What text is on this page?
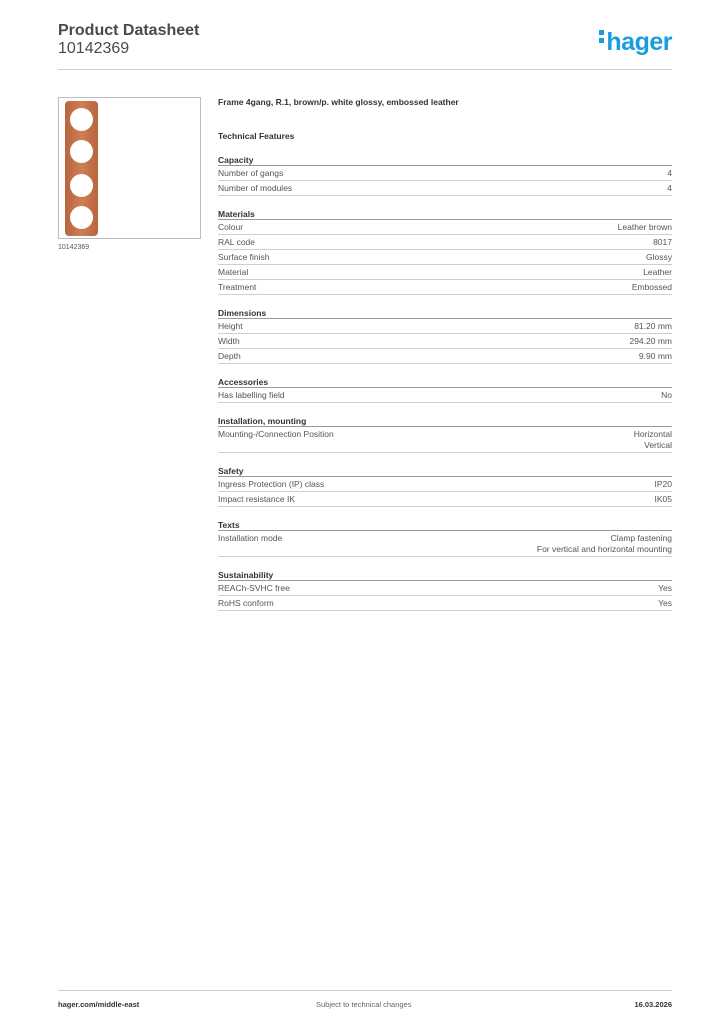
Product Datasheet
10142369	hager
10142369
Frame 4gang, R.1, brown/p. white glossy, embossed leather
Technical Features
Capacity
Number of gangs	4
Number of modules	4
Materials
Colour	Leather brown
RAL code	8017
Surface finish	Glossy
Material	Leather
Treatment	Embossed
Dimensions
Height	81.20 mm
Width	294.20 mm
Depth	9.90 mm
Accessories
Has labelling field	No
Installation, mounting
Mounting-/Connection Position	Horizontal
Vertical
Safety
Ingress Protection (IP) class	IP20
Impact resistance IK	IK05
Texts
Installation mode	Clamp fastening
For vertical and horizontal mounting
Sustainability
REACh-SVHC free	Yes
RoHS conform	Yes
hager.com/middle-east	Subject to technical changes	16.03.2026
